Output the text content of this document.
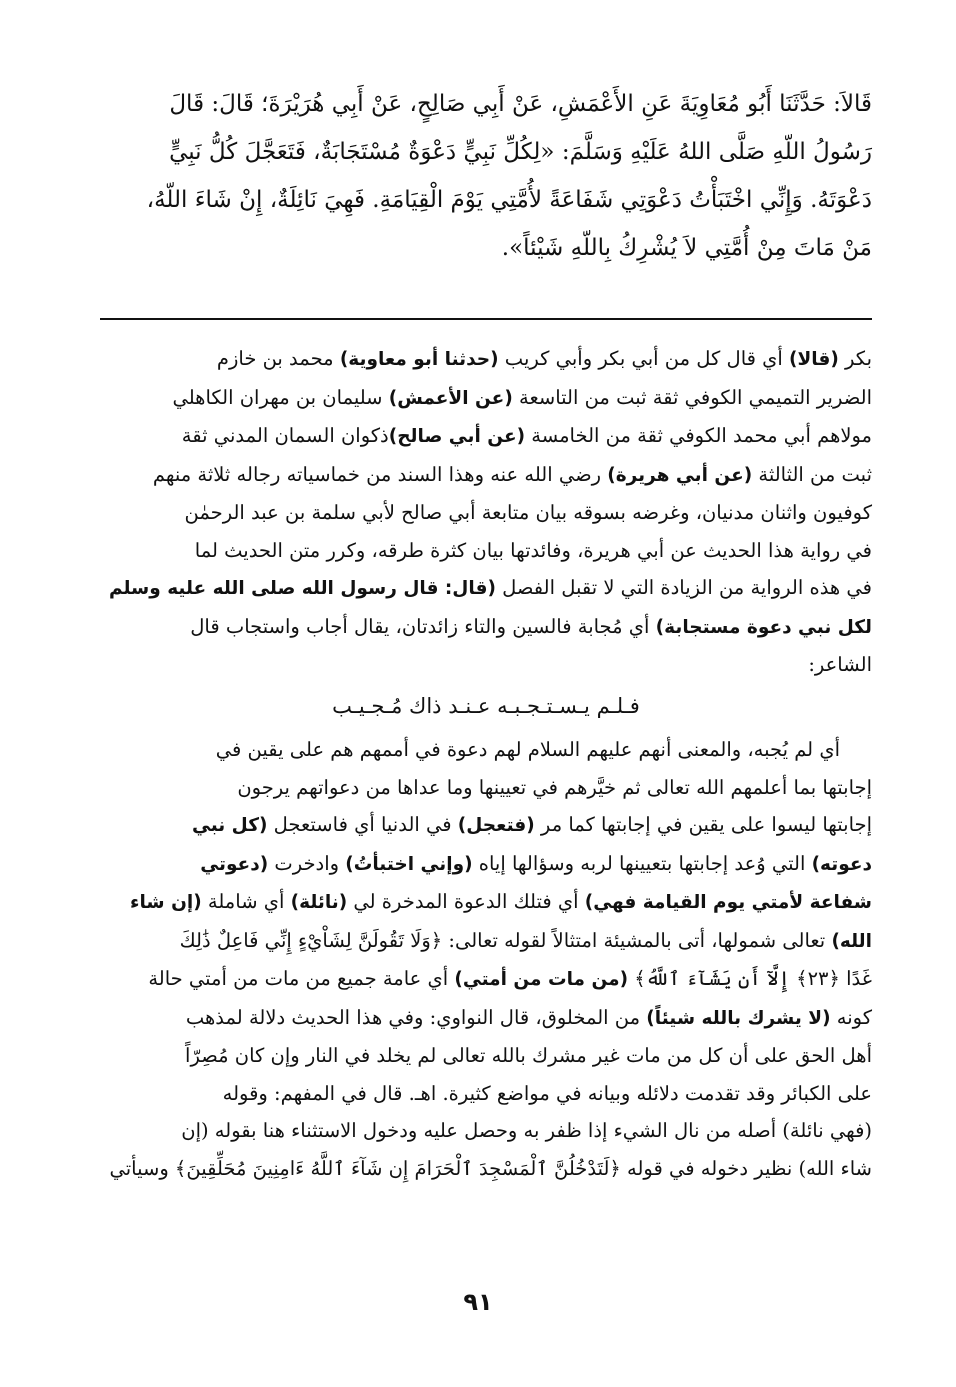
قَالاَ: حَدَّثَنَا أَبُو مُعَاوِيَةَ عَنِ الأَعْمَشِ، عَنْ أَبِي صَالِحٍ، عَنْ أَبِي هُرَيْرَةَ؛ قَالَ: قَالَ
رَسُولُ اللّهِ صَلَّى اللهُ عَلَيْهِ وَسَلَّمَ: «لِكُلِّ نَبِيٍّ دَعْوَةٌ مُسْتَجَابَةٌ، فَتَعَجَّلَ كُلُّ نَبِيٍّ
دَعْوَتَهُ. وَإِنِّي اخْتَبَأْتُ دَعْوَتِي شَفَاعَةً لأُمَّتِي يَوْمَ الْقِيَامَةِ. فَهِيَ نَائِلَةٌ، إِنْ شَاءَ اللّهُ،
مَنْ مَاتَ مِنْ أُمَّتِي لاَ يُشْرِكُ بِاللّهِ شَيْئاً».

بكر (قالا) أي قال كل من أبي بكر وأبي كريب (حدثنا أبو معاوية) محمد بن خازم
الضرير التميمي الكوفي ثقة ثبت من التاسعة (عن الأعمش) سليمان بن مهران الكاهلي
مولاهم أبي محمد الكوفي ثقة من الخامسة (عن أبي صالح)ذكوان السمان المدني ثقة
ثبت من الثالثة (عن أبي هريرة) رضي الله عنه وهذا السند من خماسياته رجاله ثلاثة منهم
كوفيون واثنان مدنيان، وغرضه بسوقه بيان متابعة أبي صالح لأبي سلمة بن عبد الرحمٰن
في رواية هذا الحديث عن أبي هريرة، وفائدتها بيان كثرة طرقه، وكرر متن الحديث لما
في هذه الرواية من الزيادة التي لا تقبل الفصل (قال: قال رسول الله صلى الله عليه وسلم
لكل نبي دعوة مستجابة) أي مُجابة فالسين والتاء زائدتان، يقال أجاب واستجاب قال
الشاعر:

فـلـم يـسـتـجـبـه عـنـد ذاك مُـجـيـب

أي لم يُجبه، والمعنى أنهم عليهم السلام لهم دعوة في أممهم هم على يقين في
إجابتها بما أعلمهم الله تعالى ثم خيَّرهم في تعيينها وما عداها من دعواتهم يرجون
إجابتها ليسوا على يقين في إجابتها كما مر (فتعجل) في الدنيا أي فاستعجل (كل نبي
دعوته) التي وُعد إجابتها بتعيينها لربه وسؤالها إياه (وإني اختبأتُ) وادخرت (دعوتي
شفاعة لأمتي يوم القيامة فهي) أي فتلك الدعوة المدخرة لي (نائلة) أي شاملة (إن شاء
الله) تعالى شمولها، أتى بالمشيئة امتثالاً لقوله تعالى: ﴿وَلَا تَقُولَنَّ لِشَاْيْءٍ إِنِّي فَاعِلٌ ذَٰلِكَ
غَدًا ﴿٢٣﴾ إِلَّآ أَن يَشَآءَ ٱللَّهُ﴾ (من مات من أمتي) أي عامة جميع من مات من أمتي حالة
كونه (لا يشرك بالله شيئاً) من المخلوق، قال النواوي: وفي هذا الحديث دلالة لمذهب
أهل الحق على أن كل من مات غير مشرك بالله تعالى لم يخلد في النار وإن كان مُصِرّاً
على الكبائر وقد تقدمت دلائله وبيانه في مواضع كثيرة. اهـ. قال في المفهم: وقوله
(فهي نائلة) أصله من نال الشيء إذا ظفر به وحصل عليه ودخول الاستثناء هنا بقوله (إن
شاء الله) نظير دخوله في قوله ﴿لَتَدْخُلُنَّ ٱلْمَسْجِدَ ٱلْحَرَامَ إِن شَآءَ ٱللَّهُ ءَامِنِينَ مُحَلِّقِينَ﴾ وسيأتي

٩١
